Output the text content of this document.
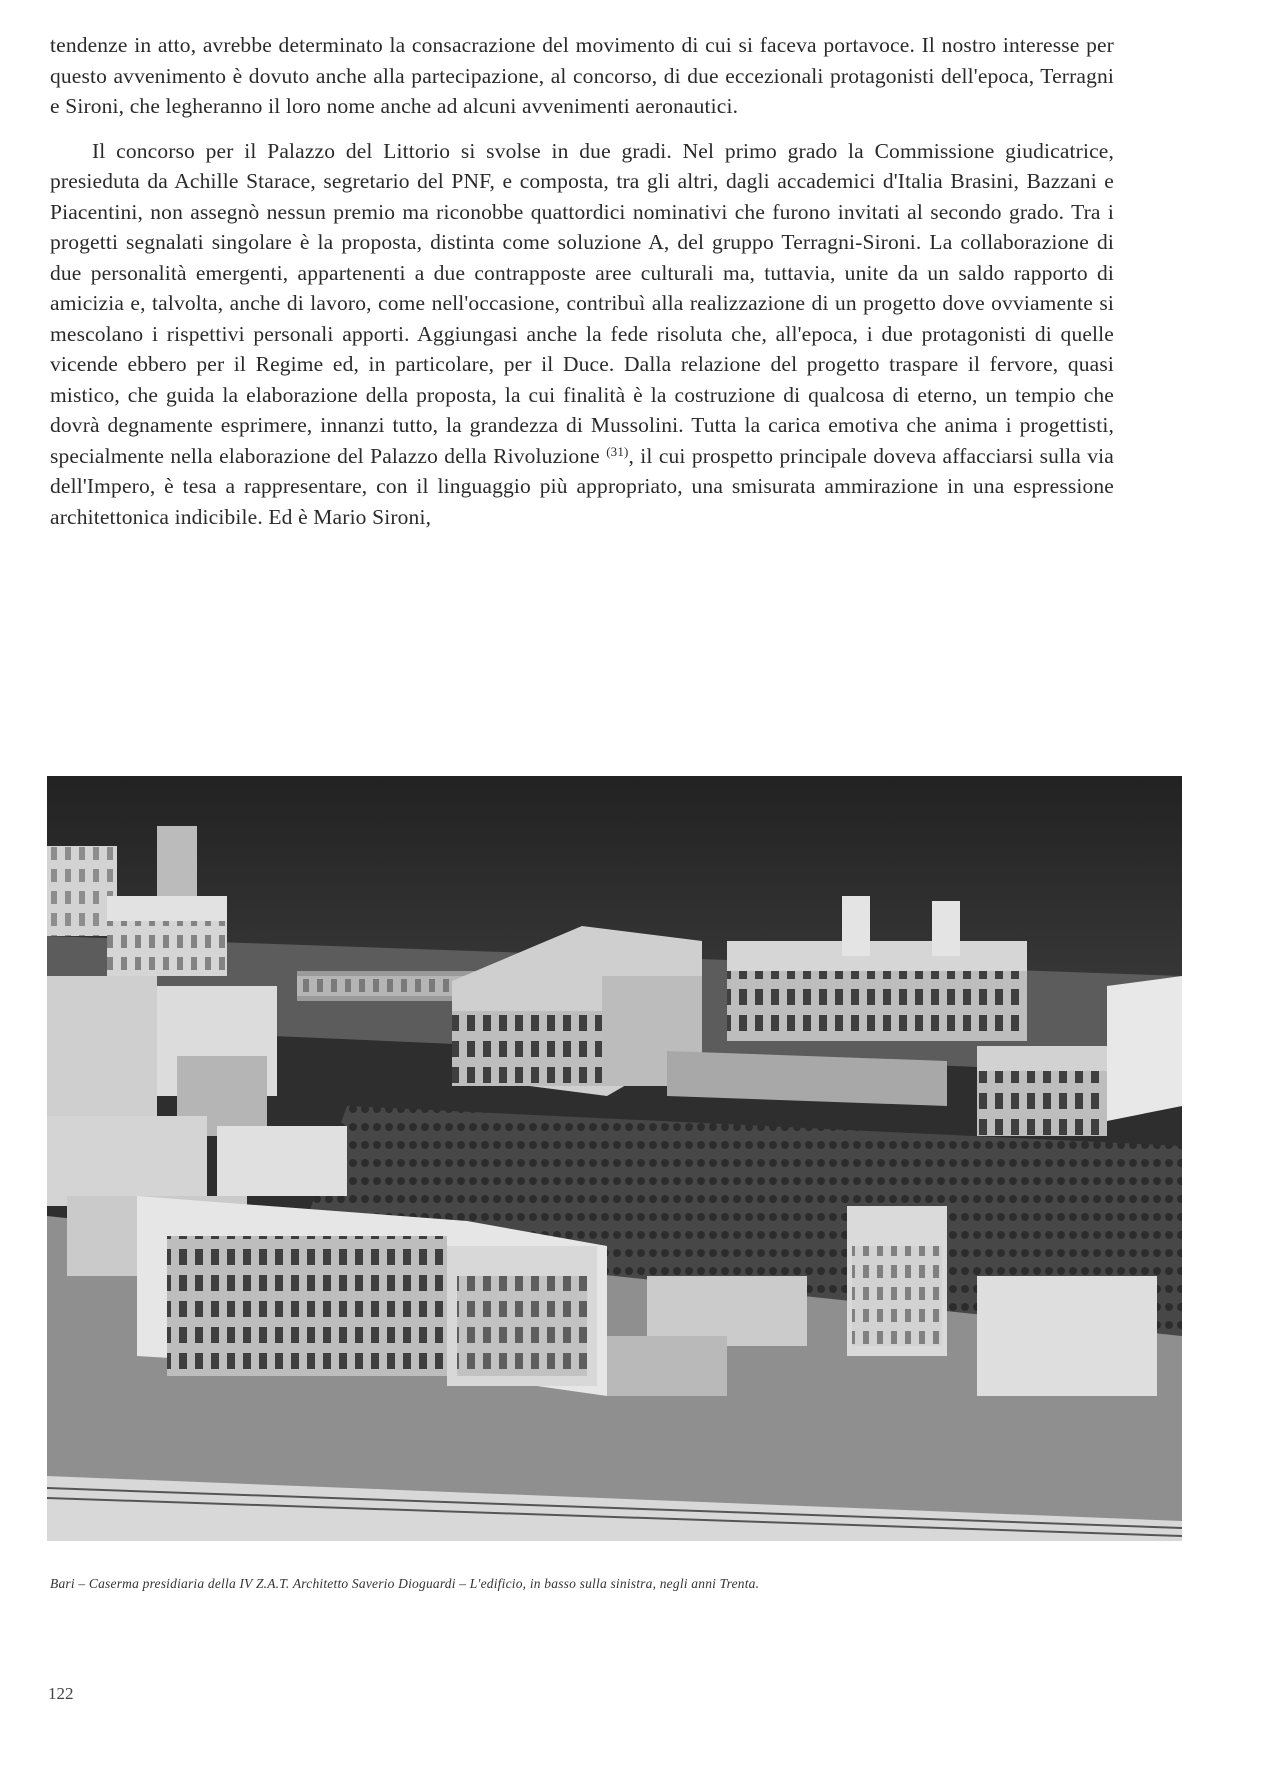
tendenze in atto, avrebbe determinato la consacrazione del movimento di cui si faceva portavoce. Il nostro interesse per questo avvenimento è dovuto anche alla partecipazione, al concorso, di due eccezionali protagonisti dell'epoca, Terragni e Sironi, che legheranno il loro nome anche ad alcuni avvenimenti aeronautici.

Il concorso per il Palazzo del Littorio si svolse in due gradi. Nel primo grado la Commissione giudicatrice, presieduta da Achille Starace, segretario del PNF, e composta, tra gli altri, dagli accademici d'Italia Brasini, Bazzani e Piacentini, non assegnò nessun premio ma riconobbe quattordici nominativi che furono invitati al secondo grado. Tra i progetti segnalati singolare è la proposta, distinta come soluzione A, del gruppo Terragni-Sironi. La collaborazione di due personalità emergenti, appartenenti a due contrapposte aree culturali ma, tuttavia, unite da un saldo rapporto di amicizia e, talvolta, anche di lavoro, come nell'occasione, contribuì alla realizzazione di un progetto dove ovviamente si mescolano i rispettivi personali apporti. Aggiungasi anche la fede risoluta che, all'epoca, i due protagonisti di quelle vicende ebbero per il Regime ed, in particolare, per il Duce. Dalla relazione del progetto traspare il fervore, quasi mistico, che guida la elaborazione della proposta, la cui finalità è la costruzione di qualcosa di eterno, un tempio che dovrà degnamente esprimere, innanzi tutto, la grandezza di Mussolini. Tutta la carica emotiva che anima i progettisti, specialmente nella elaborazione del Palazzo della Rivoluzione $^{(31)}$, il cui prospetto principale doveva affacciarsi sulla via dell'Impero, è tesa a rappresentare, con il linguaggio più appropriato, una smisurata ammirazione in una espressione architettonica indicibile. Ed è Mario Sironi,

Bari – Caserma presidiaria della IV Z.A.T. Architetto Saverio Dioguardi – L'edificio, in basso sulla sinistra, negli anni Trenta.
122
